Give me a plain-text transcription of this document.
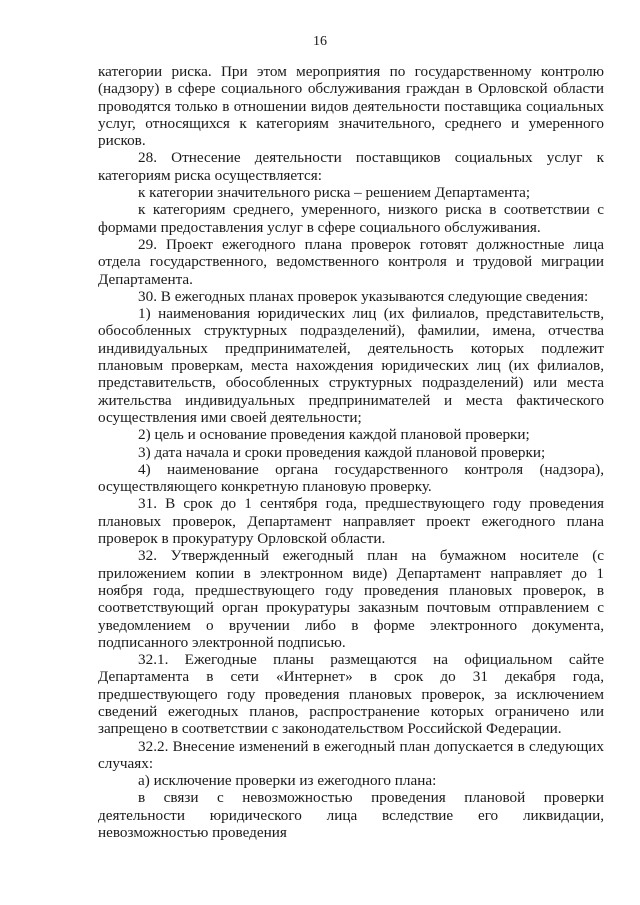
16

категории риска. При этом мероприятия по государственному контролю (надзору) в сфере социального обслуживания граждан в Орловской области проводятся только в отношении видов деятельности поставщика социальных услуг, относящихся к категориям значительного, среднего и умеренного рисков.

28. Отнесение деятельности поставщиков социальных услуг к категориям риска осуществляется:

к категории значительного риска – решением Департамента;

к категориям среднего, умеренного, низкого риска в соответствии с формами предоставления услуг в сфере социального обслуживания.

29. Проект ежегодного плана проверок готовят должностные лица отдела государственного, ведомственного контроля и трудовой миграции Департамента.

30. В ежегодных планах проверок указываются следующие сведения:

1) наименования юридических лиц (их филиалов, представительств, обособленных структурных подразделений), фамилии, имена, отчества индивидуальных предпринимателей, деятельность которых подлежит плановым проверкам, места нахождения юридических лиц (их филиалов, представительств, обособленных структурных подразделений) или места жительства индивидуальных предпринимателей и места фактического осуществления ими своей деятельности;

2) цель и основание проведения каждой плановой проверки;

3) дата начала и сроки проведения каждой плановой проверки;

4) наименование органа государственного контроля (надзора), осуществляющего конкретную плановую проверку.

31. В срок до 1 сентября года, предшествующего году проведения плановых проверок, Департамент направляет проект ежегодного плана проверок в прокуратуру Орловской области.

32. Утвержденный ежегодный план на бумажном носителе (с приложением копии в электронном виде) Департамент направляет до 1 ноября года, предшествующего году проведения плановых проверок, в соответствующий орган прокуратуры заказным почтовым отправлением с уведомлением о вручении либо в форме электронного документа, подписанного электронной подписью.

32.1. Ежегодные планы размещаются на официальном сайте Департамента в сети «Интернет» в срок до 31 декабря года, предшествующего году проведения плановых проверок, за исключением сведений ежегодных планов, распространение которых ограничено или запрещено в соответствии с законодательством Российской Федерации.

32.2. Внесение изменений в ежегодный план допускается в следующих случаях:

а) исключение проверки из ежегодного плана:

в связи с невозможностью проведения плановой проверки деятельности юридического лица вследствие его ликвидации, невозможностью проведения
